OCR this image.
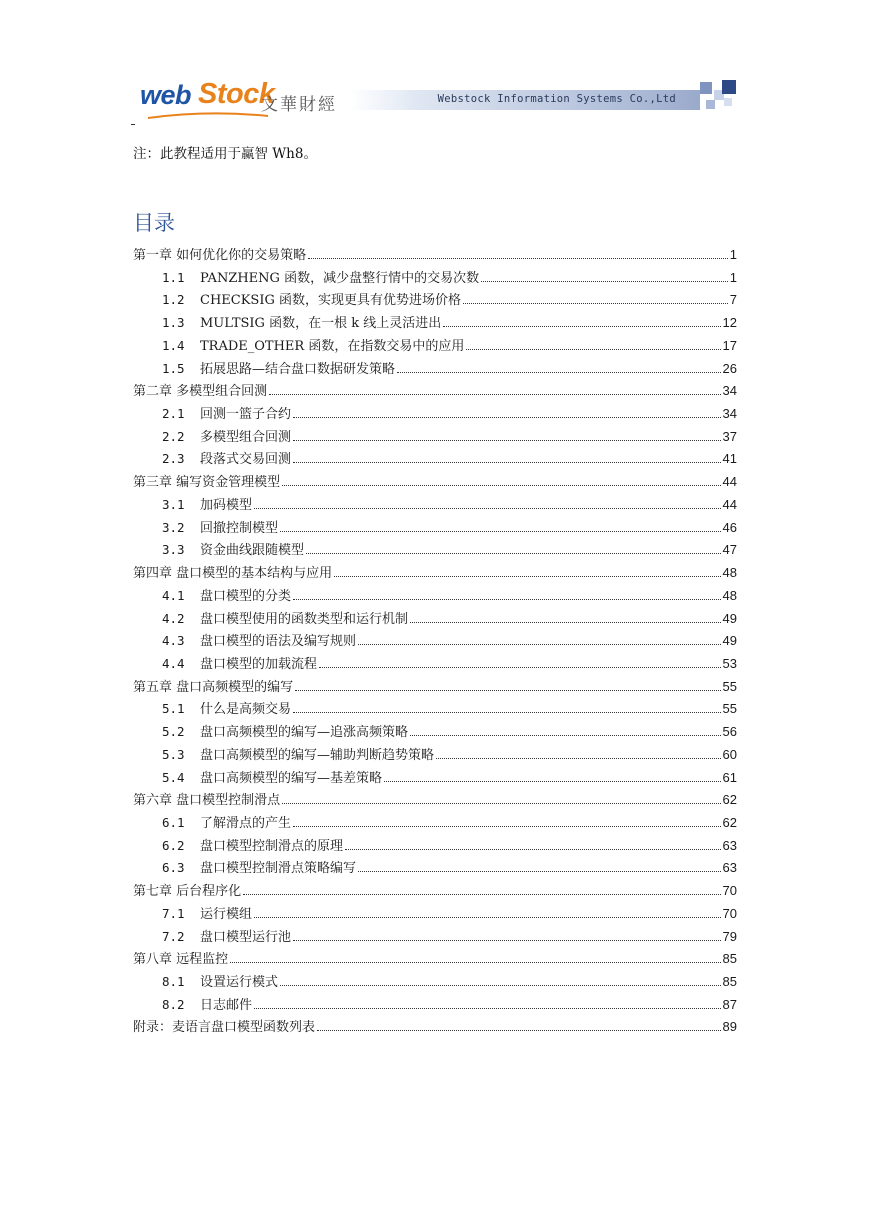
web Stock
文華財經	Webstock Information Systems Co.,Ltd
注：此教程适用于赢智 Wh8。
目录
第一章 如何优化你的交易策略	1
1.1	PANZHENG 函数，减少盘整行情中的交易次数	1
1.2	CHECKSIG 函数，实现更具有优势进场价格	7
1.3	MULTSIG 函数，在一根 k 线上灵活进出	12
1.4	TRADE_OTHER 函数，在指数交易中的应用	17
1.5	拓展思路—结合盘口数据研发策略	26
第二章 多模型组合回测	34
2.1	回测一篮子合约	34
2.2	多模型组合回测	37
2.3	段落式交易回测	41
第三章 编写资金管理模型	44
3.1	加码模型	44
3.2	回撤控制模型	46
3.3	资金曲线跟随模型	47
第四章 盘口模型的基本结构与应用	48
4.1	盘口模型的分类	48
4.2	盘口模型使用的函数类型和运行机制	49
4.3	盘口模型的语法及编写规则	49
4.4	盘口模型的加载流程	53
第五章 盘口高频模型的编写	55
5.1	什么是高频交易	55
5.2	盘口高频模型的编写—追涨高频策略	56
5.3	盘口高频模型的编写—辅助判断趋势策略	60
5.4	盘口高频模型的编写—基差策略	61
第六章 盘口模型控制滑点	62
6.1	了解滑点的产生	62
6.2	盘口模型控制滑点的原理	63
6.3	盘口模型控制滑点策略编写	63
第七章 后台程序化	70
7.1	运行模组	70
7.2	盘口模型运行池	79
第八章 远程监控	85
8.1	设置运行模式	85
8.2	日志邮件	87
附录：麦语言盘口模型函数列表	89
